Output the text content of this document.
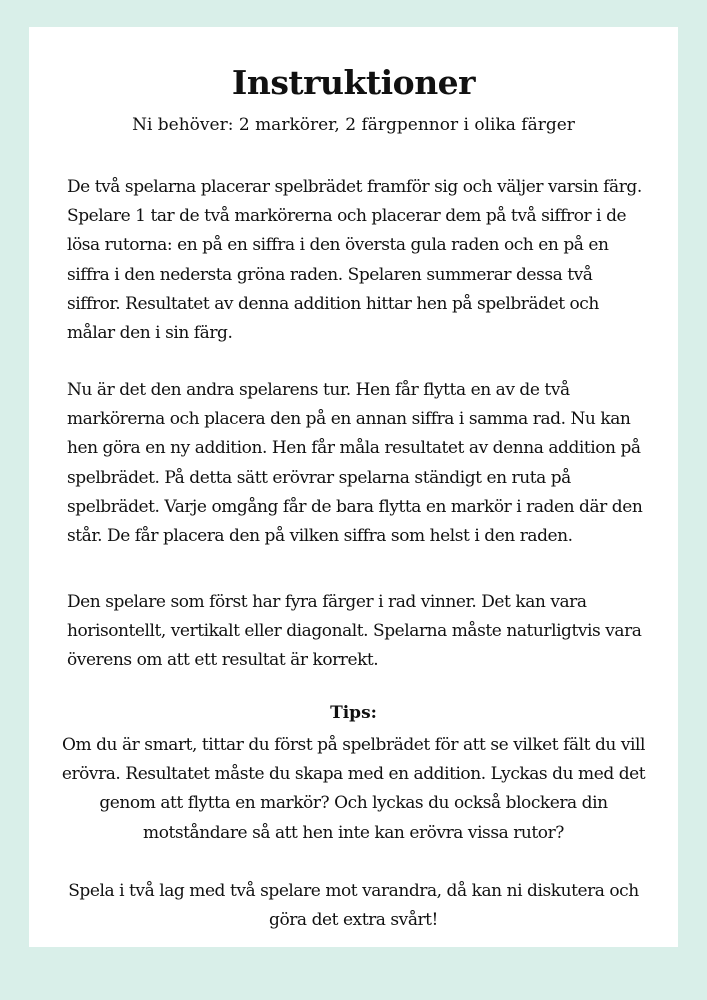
Instruktioner

Ni behöver: 2 markörer, 2 färgpennor i olika färger

De två spelarna placerar spelbrädet framför sig och väljer varsin färg. Spelare 1 tar de två markörerna och placerar dem på två siffror i de lösa rutorna: en på en siffra i den översta gula raden och en på en siffra i den nedersta gröna raden. Spelaren summerar dessa två siffror. Resultatet av denna addition hittar hen på spelbrädet och målar den i sin färg.

Nu är det den andra spelarens tur. Hen får flytta en av de två markörerna och placera den på en annan siffra i samma rad. Nu kan hen göra en ny addition. Hen får måla resultatet av denna addition på spelbrädet. På detta sätt erövrar spelarna ständigt en ruta på spelbrädet. Varje omgång får de bara flytta en markör i raden där den står. De får placera den på vilken siffra som helst i den raden.

Den spelare som först har fyra färger i rad vinner. Det kan vara horisontellt, vertikalt eller diagonalt. Spelarna måste naturligtvis vara överens om att ett resultat är korrekt.

Tips:

Om du är smart, tittar du först på spelbrädet för att se vilket fält du vill erövra. Resultatet måste du skapa med en addition. Lyckas du med det genom att flytta en markör? Och lyckas du också blockera din motståndare så att hen inte kan erövra vissa rutor?

Spela i två lag med två spelare mot varandra, då kan ni diskutera och göra det extra svårt!
